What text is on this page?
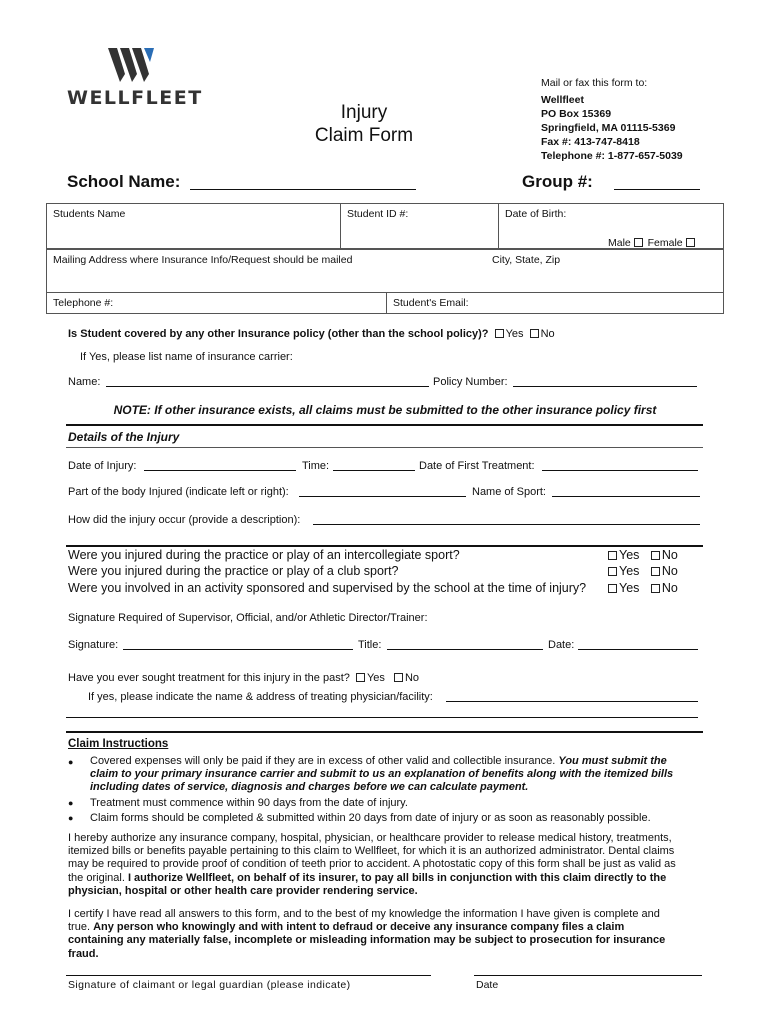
WELLFLEET
Injury
Claim Form
Mail or fax this form to:
Wellfleet
PO Box 15369
Springfield, MA 01115-5369
Fax #: 413-747-8418
Telephone #: 1-877-657-5039
School Name:	Group #:
Students Name	Student ID #:	Date of Birth:
Male Female
Mailing Address where Insurance Info/Request should be mailed	City, State, Zip
Telephone #:	Student's Email:
Is Student covered by any other Insurance policy (other than the school policy)? Yes No
If Yes, please list name of insurance carrier:
Name:	Policy Number:
NOTE: If other insurance exists, all claims must be submitted to the other insurance policy first
Details of the Injury
Date of Injury:	Time:	Date of First Treatment:
Part of the body Injured (indicate left or right):	Name of Sport:
How did the injury occur (provide a description):
Were you injured during the practice or play of an intercollegiate sport?	Yes No
Were you injured during the practice or play of a club sport?	Yes No
Were you involved in an activity sponsored and supervised by the school at the time of injury?	Yes No
Signature Required of Supervisor, Official, and/or Athletic Director/Trainer:
Signature:	Title:	Date:
Have you ever sought treatment for this injury in the past? Yes No
If yes, please indicate the name & address of treating physician/facility:
Claim Instructions
● Covered expenses will only be paid if they are in excess of other valid and collectible insurance. You must submit the
claim to your primary insurance carrier and submit to us an explanation of benefits along with the itemized bills
including dates of service, diagnosis and charges before we can calculate payment.
● Treatment must commence within 90 days from the date of injury.
● Claim forms should be completed & submitted within 20 days from date of injury or as soon as reasonably possible.
I hereby authorize any insurance company, hospital, physician, or healthcare provider to release medical history, treatments,
itemized bills or benefits payable pertaining to this claim to Wellfleet, for which it is an authorized administrator. Dental claims
may be required to provide proof of condition of teeth prior to accident. A photostatic copy of this form shall be just as valid as
the original. I authorize Wellfleet, on behalf of its insurer, to pay all bills in conjunction with this claim directly to the
physician, hospital or other health care provider rendering service.
I certify I have read all answers to this form, and to the best of my knowledge the information I have given is complete and
true. Any person who knowingly and with intent to defraud or deceive any insurance company files a claim
containing any materially false, incomplete or misleading information may be subject to prosecution for insurance
fraud.
Signature of claimant or legal guardian (please indicate)	Date
